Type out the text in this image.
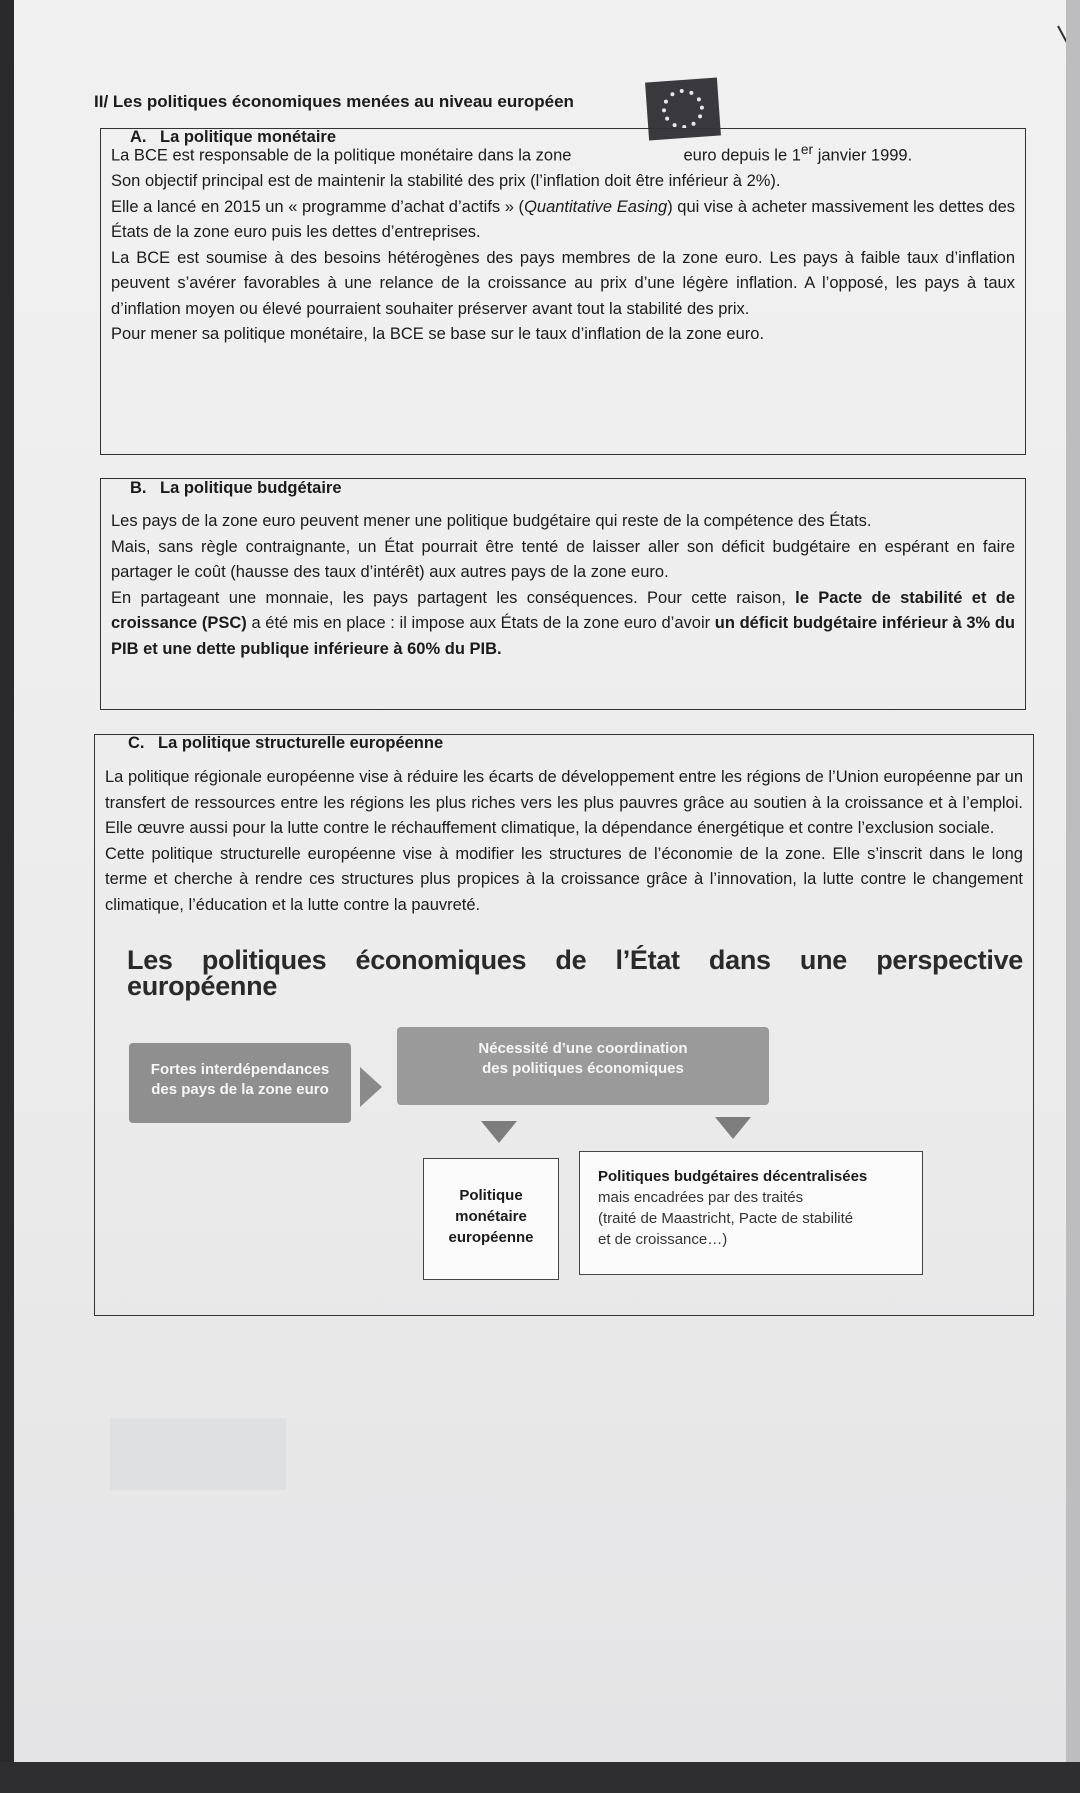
II/ Les politiques économiques menées au niveau européen
A. La politique monétaire

La BCE est responsable de la politique monétaire dans la zone	euro depuis le 1er janvier 1999.

Son objectif principal est de maintenir la stabilité des prix (l’inflation doit être inférieur à 2%).

Elle a lancé en 2015 un « programme d’achat d’actifs » (Quantitative Easing) qui vise à acheter massivement les dettes des États de la zone euro puis les dettes d’entreprises.

La BCE est soumise à des besoins hétérogènes des pays membres de la zone euro. Les pays à faible taux d’inflation peuvent s’avérer favorables à une relance de la croissance au prix d’une légère inflation. A l’opposé, les pays à taux d’inflation moyen ou élevé pourraient souhaiter préserver avant tout la stabilité des prix.

Pour mener sa politique monétaire, la BCE se base sur le taux d’inflation de la zone euro.

B. La politique budgétaire

Les pays de la zone euro peuvent mener une politique budgétaire qui reste de la compétence des États.

Mais, sans règle contraignante, un État pourrait être tenté de laisser aller son déficit budgétaire en espérant en faire partager le coût (hausse des taux d’intérêt) aux autres pays de la zone euro.

En partageant une monnaie, les pays partagent les conséquences. Pour cette raison, le Pacte de stabilité et de croissance (PSC) a été mis en place : il impose aux États de la zone euro d’avoir un déficit budgétaire inférieur à 3% du PIB et une dette publique inférieure à 60% du PIB.

C. La politique structurelle européenne

La politique régionale européenne vise à réduire les écarts de développement entre les régions de l’Union européenne par un transfert de ressources entre les régions les plus riches vers les plus pauvres grâce au soutien à la croissance et à l’emploi. Elle œuvre aussi pour la lutte contre le réchauffement climatique, la dépendance énergétique et contre l’exclusion sociale.

Cette politique structurelle européenne vise à modifier les structures de l’économie de la zone. Elle s’inscrit dans le long terme et cherche à rendre ces structures plus propices à la croissance grâce à l’innovation, la lutte contre le changement climatique, l’éducation et la lutte contre la pauvreté.

Les politiques économiques de l’État dans une perspective européenne
Fortes interdépendances
des pays de la zone euro
Nécessité d’une coordination
des politiques économiques
Politique
monétaire
européenne
Politiques budgétaires décentralisées
mais encadrées par des traités
(traité de Maastricht, Pacte de stabilité
et de croissance…)
